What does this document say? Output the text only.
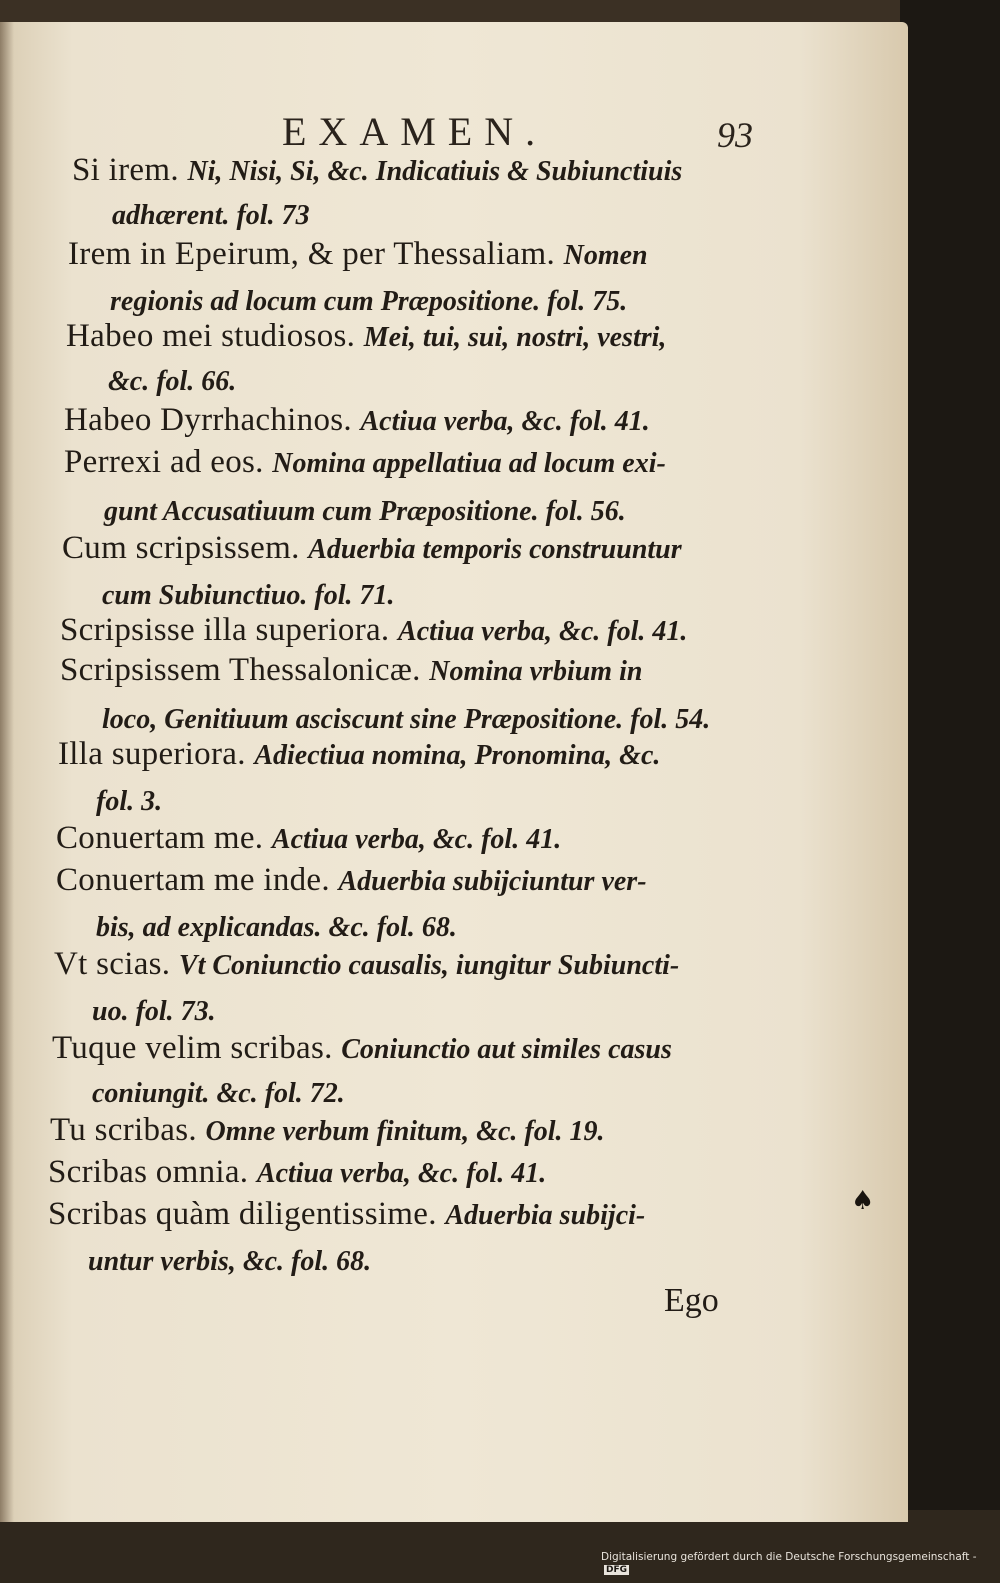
EXAMEN.	93
Si irem. Ni, Nisi, Si, &c. Indicatiuis & Subiunctiuis
adhærent. fol. 73
Irem in Epeirum, & per Thessaliam. Nomen
regionis ad locum cum Præpositione. fol. 75.
Habeo mei studiosos. Mei, tui, sui, nostri, vestri,
&c. fol. 66.
Habeo Dyrrhachinos. Actiua verba, &c. fol. 41.
Perrexi ad eos. Nomina appellatiua ad locum exi-
gunt Accusatiuum cum Præpositione. fol. 56.
Cum scripsissem. Aduerbia temporis construuntur
cum Subiunctiuo. fol. 71.
Scripsisse illa superiora. Actiua verba, &c. fol. 41.
Scripsissem Thessalonicæ. Nomina vrbium in
loco, Genitiuum asciscunt sine Præpositione. fol. 54.
Illa superiora. Adiectiua nomina, Pronomina, &c.
fol. 3.
Conuertam me. Actiua verba, &c. fol. 41.
Conuertam me inde. Aduerbia subijciuntur ver-
bis, ad explicandas. &c. fol. 68.
Vt scias. Vt Coniunctio causalis, iungitur Subiuncti-
uo. fol. 73.
Tuque velim scribas. Coniunctio aut similes casus
coniungit. &c. fol. 72.
Tu scribas. Omne verbum finitum, &c. fol. 19.
Scribas omnia. Actiua verba, &c. fol. 41.
Scribas quàm diligentissime. Aduerbia subijci-
untur verbis, &c. fol. 68.
Ego
♠
Digitalisierung gefördert durch die Deutsche Forschungsgemeinschaft -DFG
